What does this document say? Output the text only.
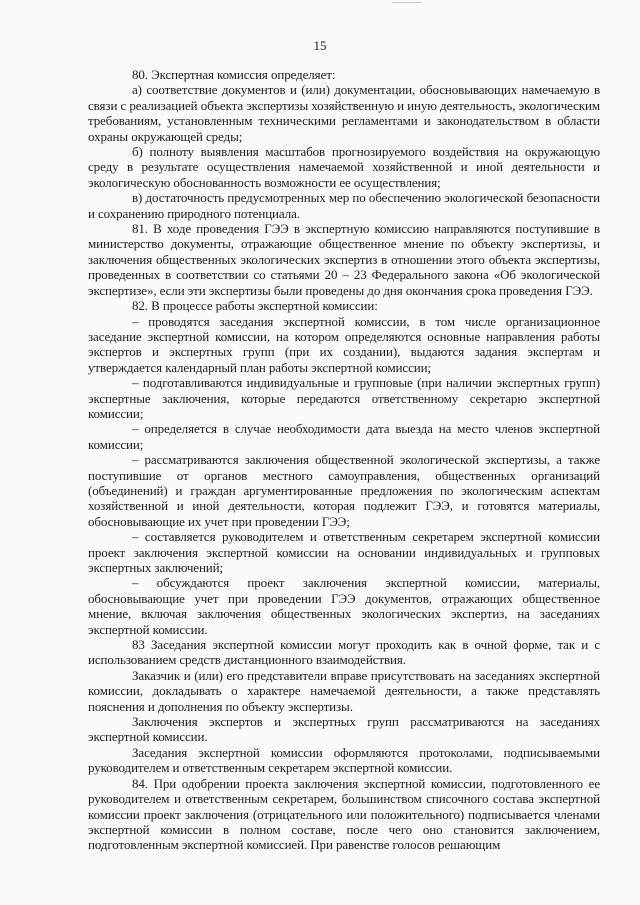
15

80. Экспертная комиссия определяет:

а) соответствие документов и (или) документации, обосновывающих намечаемую в связи с реализацией объекта экспертизы хозяйственную и иную деятельность, экологическим требованиям, установленным техническими регламентами и законодательством в области охраны окружающей среды;

б) полноту выявления масштабов прогнозируемого воздействия на окружающую среду в результате осуществления намечаемой хозяйственной и иной деятельности и экологическую обоснованность возможности ее осуществления;

в) достаточность предусмотренных мер по обеспечению экологической безопасности и сохранению природного потенциала.

81. В ходе проведения ГЭЭ в экспертную комиссию направляются поступившие в министерство документы, отражающие общественное мнение по объекту экспертизы, и заключения общественных экологических экспертиз в отношении этого объекта экспертизы, проведенных в соответствии со статьями 20 – 23 Федерального закона «Об экологической экспертизе», если эти экспертизы были проведены до дня окончания срока проведения ГЭЭ.

82. В процессе работы экспертной комиссии:

– проводятся заседания экспертной комиссии, в том числе организационное заседание экспертной комиссии, на котором определяются основные направления работы экспертов и экспертных групп (при их создании), выдаются задания экспертам и утверждается календарный план работы экспертной комиссии;

– подготавливаются индивидуальные и групповые (при наличии экспертных групп) экспертные заключения, которые передаются ответственному секретарю экспертной комиссии;

– определяется в случае необходимости дата выезда на место членов экспертной комиссии;

– рассматриваются заключения общественной экологической экспертизы, а также поступившие от органов местного самоуправления, общественных организаций (объединений) и граждан аргументированные предложения по экологическим аспектам хозяйственной и иной деятельности, которая подлежит ГЭЭ, и готовятся материалы, обосновывающие их учет при проведении ГЭЭ;

– составляется руководителем и ответственным секретарем экспертной комиссии проект заключения экспертной комиссии на основании индивидуальных и групповых экспертных заключений;

– обсуждаются проект заключения экспертной комиссии, материалы, обосновывающие учет при проведении ГЭЭ документов, отражающих общественное мнение, включая заключения общественных экологических экспертиз, на заседаниях экспертной комиссии.

83 Заседания экспертной комиссии могут проходить как в очной форме, так и с использованием средств дистанционного взаимодействия.

Заказчик и (или) его представители вправе присутствовать на заседаниях экспертной комиссии, докладывать о характере намечаемой деятельности, а также представлять пояснения и дополнения по объекту экспертизы.

Заключения экспертов и экспертных групп рассматриваются на заседаниях экспертной комиссии.

Заседания экспертной комиссии оформляются протоколами, подписываемыми руководителем и ответственным секретарем экспертной комиссии.

84. При одобрении проекта заключения экспертной комиссии, подготовленного ее руководителем и ответственным секретарем, большинством списочного состава экспертной комиссии проект заключения (отрицательного или положительного) подписывается членами экспертной комиссии в полном составе, после чего оно становится заключением, подготовленным экспертной комиссией. При равенстве голосов решающим
